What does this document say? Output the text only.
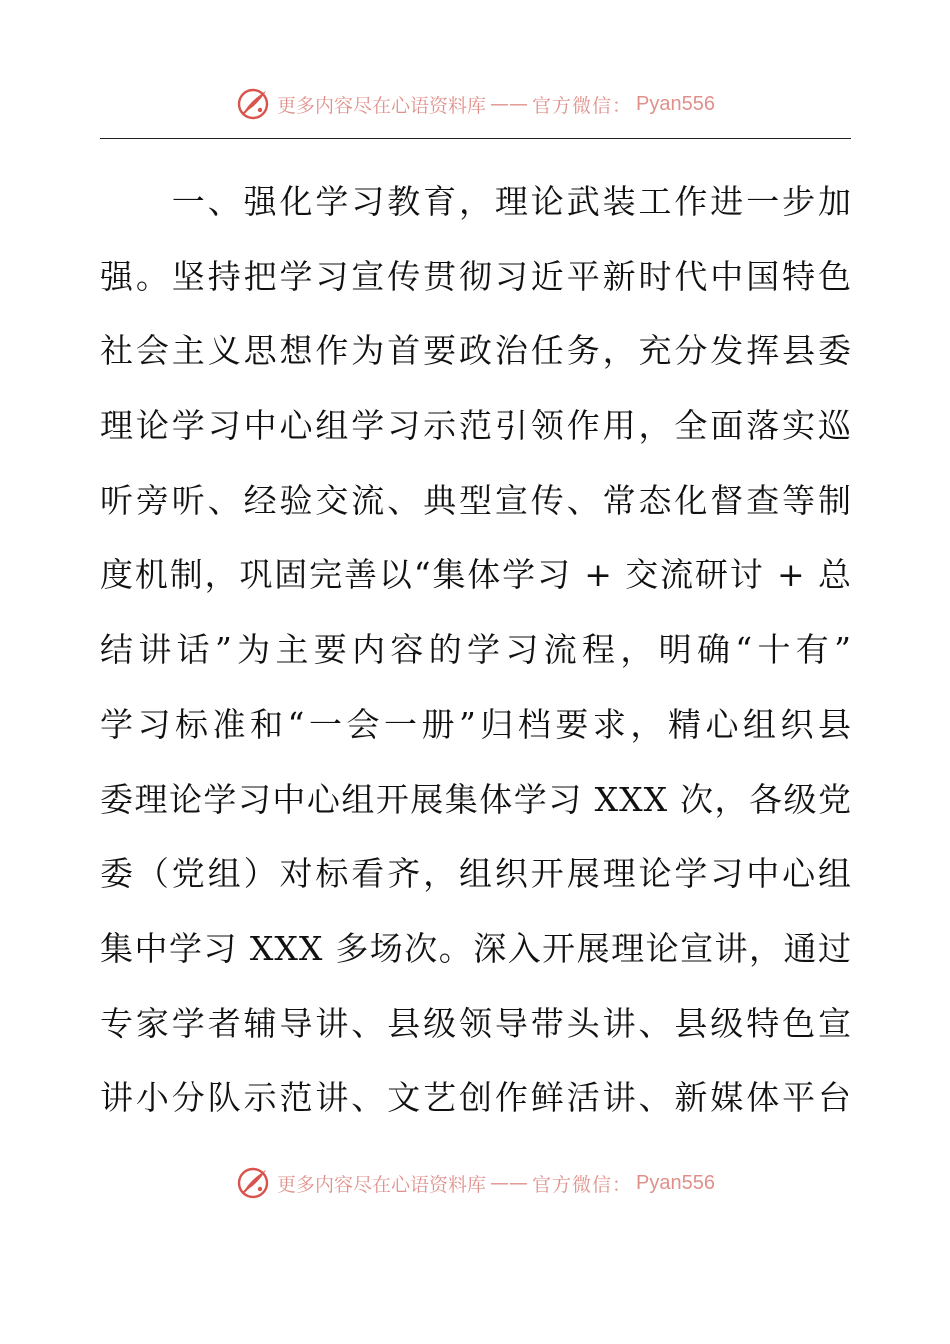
更多内容尽在心语资料库 —— 官方微信： Pyan556
　　一、强化学习教育，理论武装工作进一步加
强。坚持把学习宣传贯彻习近平新时代中国特色
社会主义思想作为首要政治任务，充分发挥县委
理论学习中心组学习示范引领作用，全面落实巡
听旁听、经验交流、典型宣传、常态化督查等制
度机制，巩固完善以“集体学习 + 交流研讨 + 总
结讲话”为主要内容的学习流程，明确“十有”
学习标准和“一会一册”归档要求，精心组织县
委理论学习中心组开展集体学习 XXX 次，各级党
委（党组）对标看齐，组织开展理论学习中心组
集中学习 XXX 多场次。深入开展理论宣讲，通过
专家学者辅导讲、县级领导带头讲、县级特色宣
讲小分队示范讲、文艺创作鲜活讲、新媒体平台
更多内容尽在心语资料库 —— 官方微信： Pyan556
